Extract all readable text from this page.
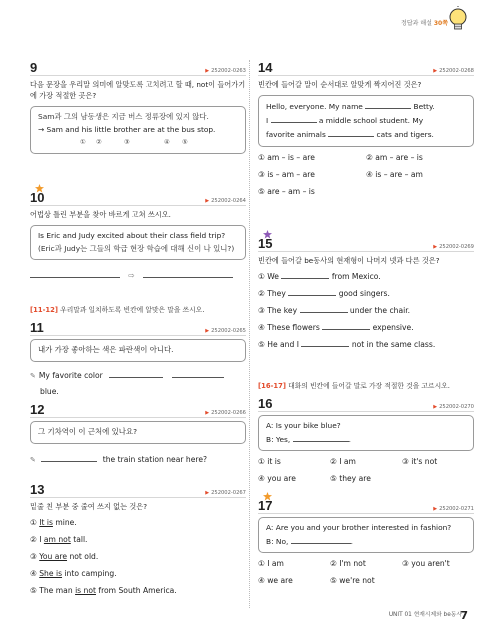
정답과 해설 30쪽
9	▶ 252002-0263
다음 문장을 우리말 의미에 알맞도록 고치려고 할 때, not이 들어가기에 가장 적절한 곳은?
Sam과 그의 남동생은 지금 버스 정류장에 있지 않다.
→ Sam and his little brother are at the bus stop.
①	②	③	④	⑤
10	▶ 252002-0264
어법상 틀린 부분을 찾아 바르게 고쳐 쓰시오.
Is Eric and Judy excited about their class field trip? (Eric과 Judy는 그들의 학급 현장 학습에 대해 신이 나 있니?)
⇨
[11-12] 우리말과 일치하도록 빈칸에 알맞은 말을 쓰시오.
11	▶ 252002-0265
내가 가장 좋아하는 색은 파란색이 아니다.
✎ My favorite color
blue.
12	▶ 252002-0266
그 기차역이 이 근처에 있나요?
✎	the train station near here?
13	▶ 252002-0267
밑줄 친 부분 중 줄여 쓰지 없는 것은?
① It is mine.
② I am not tall.
③ You are not old.
④ She is into camping.
⑤ The man is not from South America.
14	▶ 252002-0268
빈칸에 들어갈 말이 순서대로 알맞게 짝지어진 것은?
Hello, everyone. My name	Betty.
I	a middle school student. My
favorite animals	cats and tigers.
① am – is – are	② am – are – is
③ is – am – are	④ is – are – am
⑤ are – am – is
15	▶ 252002-0269
빈칸에 들어갈 be동사의 현재형이 나머지 넷과 다른 것은?
① We	from Mexico.
② They	good singers.
③ The key	under the chair.
④ These flowers	expensive.
⑤ He and I	not in the same class.
[16-17] 대화의 빈칸에 들어갈 말로 가장 적절한 것을 고르시오.
16	▶ 252002-0270
A: Is your bike blue?
B: Yes,	.
① it is	② I am	③ it's not
④ you are	⑤ they are
17	▶ 252002-0271
A: Are you and your brother interested in fashion?
B: No,	.
① I am	② I'm not	③ you aren't
④ we are	⑤ we're not
UNIT 01 현재시제와 be동사
7
